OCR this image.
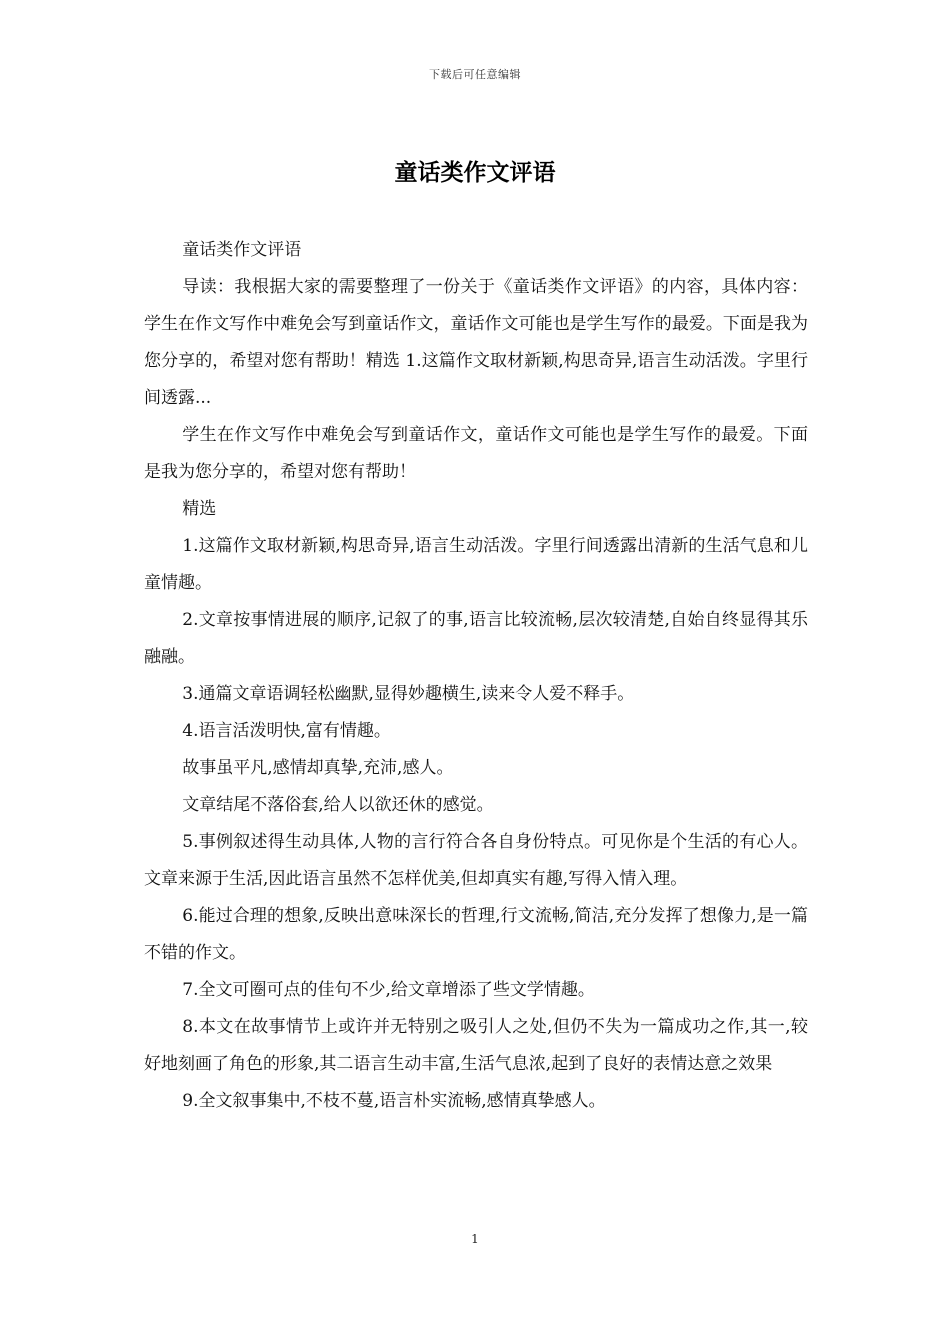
下载后可任意编辑
童话类作文评语

童话类作文评语

导读：我根据大家的需要整理了一份关于《童话类作文评语》的内容，具体内容：学生在作文写作中难免会写到童话作文，童话作文可能也是学生写作的最爱。下面是我为您分享的，希望对您有帮助！精选 1.这篇作文取材新颖,构思奇异,语言生动活泼。字里行间透露...

学生在作文写作中难免会写到童话作文，童话作文可能也是学生写作的最爱。下面是我为您分享的，希望对您有帮助！

精选

1.这篇作文取材新颖,构思奇异,语言生动活泼。字里行间透露出清新的生活气息和儿童情趣。

2.文章按事情进展的顺序,记叙了的事,语言比较流畅,层次较清楚,自始自终显得其乐融融。

3.通篇文章语调轻松幽默,显得妙趣横生,读来令人爱不释手。

4.语言活泼明快,富有情趣。

故事虽平凡,感情却真挚,充沛,感人。

文章结尾不落俗套,给人以欲还休的感觉。

5.事例叙述得生动具体,人物的言行符合各自身份特点。可见你是个生活的有心人。文章来源于生活,因此语言虽然不怎样优美,但却真实有趣,写得入情入理。

6.能过合理的想象,反映出意味深长的哲理,行文流畅,简洁,充分发挥了想像力,是一篇不错的作文。

7.全文可圈可点的佳句不少,给文章增添了些文学情趣。

8.本文在故事情节上或许并无特别之吸引人之处,但仍不失为一篇成功之作,其一,较好地刻画了角色的形象,其二语言生动丰富,生活气息浓,起到了良好的表情达意之效果

9.全文叙事集中,不枝不蔓,语言朴实流畅,感情真挚感人。

1
